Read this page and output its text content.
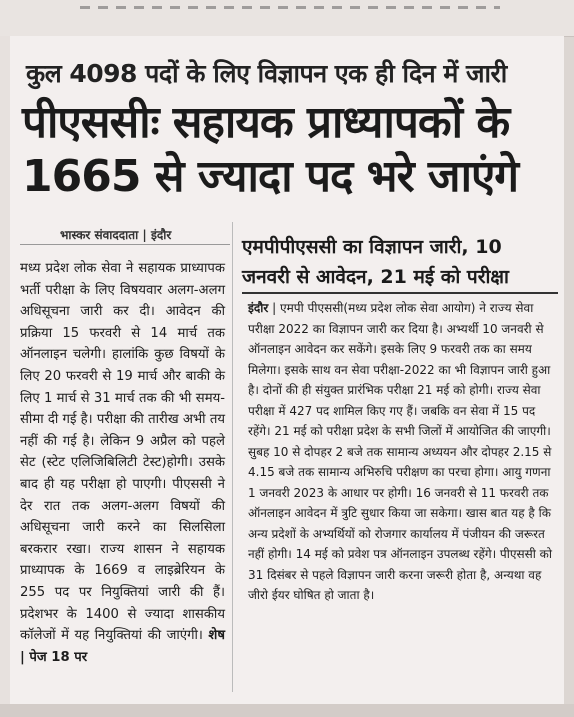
कुल 4098 पदों के लिए विज्ञापन एक ही दिन में जारी
पीएससीः सहायक प्राध्यापकों के
1665 से ज्यादा पद भरे जाएंगे
भास्कर संवाददाता | इंदौर
मध्य प्रदेश लोक सेवा ने सहायक प्राध्यापक भर्ती परीक्षा के लिए विषयवार अलग-अलग अधिसूचना जारी कर दी। आवेदन की प्रक्रिया 15 फरवरी से 14 मार्च तक ऑनलाइन चलेगी। हालांकि कुछ विषयों के लिए 20 फरवरी से 19 मार्च और बाकी के लिए 1 मार्च से 31 मार्च तक की भी समय-सीमा दी गई है। परीक्षा की तारीख अभी तय नहीं की गई है। लेकिन 9 अप्रैल को पहले सेट (स्टेट एलिजिबिलिटी टेस्ट)होगी। उसके बाद ही यह परीक्षा हो पाएगी। पीएससी ने देर रात तक अलग-अलग विषयों की अधिसूचना जारी करने का सिलसिला बरकरार रखा। राज्य शासन ने सहायक प्राध्यापक के 1669 व लाइब्रेरियन के 255 पद पर नियुक्तियां जारी की हैं। प्रदेशभर के 1400 से ज्यादा शासकीय कॉलेजों में यह नियुक्तियां की जाएंगी। शेष | पेज 18 पर
एमपीपीएससी का विज्ञापन जारी, 10
जनवरी से आवेदन, 21 मई को परीक्षा
इंदौर | एमपी पीएससी(मध्य प्रदेश लोक सेवा आयोग) ने राज्य सेवा परीक्षा 2022 का विज्ञापन जारी कर दिया है। अभ्यर्थी 10 जनवरी से ऑनलाइन आवेदन कर सकेंगे। इसके लिए 9 फरवरी तक का समय मिलेगा। इसके साथ वन सेवा परीक्षा-2022 का भी विज्ञापन जारी हुआ है। दोनों की ही संयुक्त प्रारंभिक परीक्षा 21 मई को होगी। राज्य सेवा परीक्षा में 427 पद शामिल किए गए हैं। जबकि वन सेवा में 15 पद रहेंगे। 21 मई को परीक्षा प्रदेश के सभी जिलों में आयोजित की जाएगी। सुबह 10 से दोपहर 2 बजे तक सामान्य अध्ययन और दोपहर 2.15 से 4.15 बजे तक सामान्य अभिरुचि परीक्षण का परचा होगा। आयु गणना 1 जनवरी 2023 के आधार पर होगी। 16 जनवरी से 11 फरवरी तक ऑनलाइन आवेदन में त्रुटि सुधार किया जा सकेगा। खास बात यह है कि अन्य प्रदेशों के अभ्यर्थियों को रोजगार कार्यालय में पंजीयन की जरूरत नहीं होगी। 14 मई को प्रवेश पत्र ऑनलाइन उपलब्ध रहेंगे। पीएससी को 31 दिसंबर से पहले विज्ञापन जारी करना जरूरी होता है, अन्यथा वह जीरो ईयर घोषित हो जाता है।
